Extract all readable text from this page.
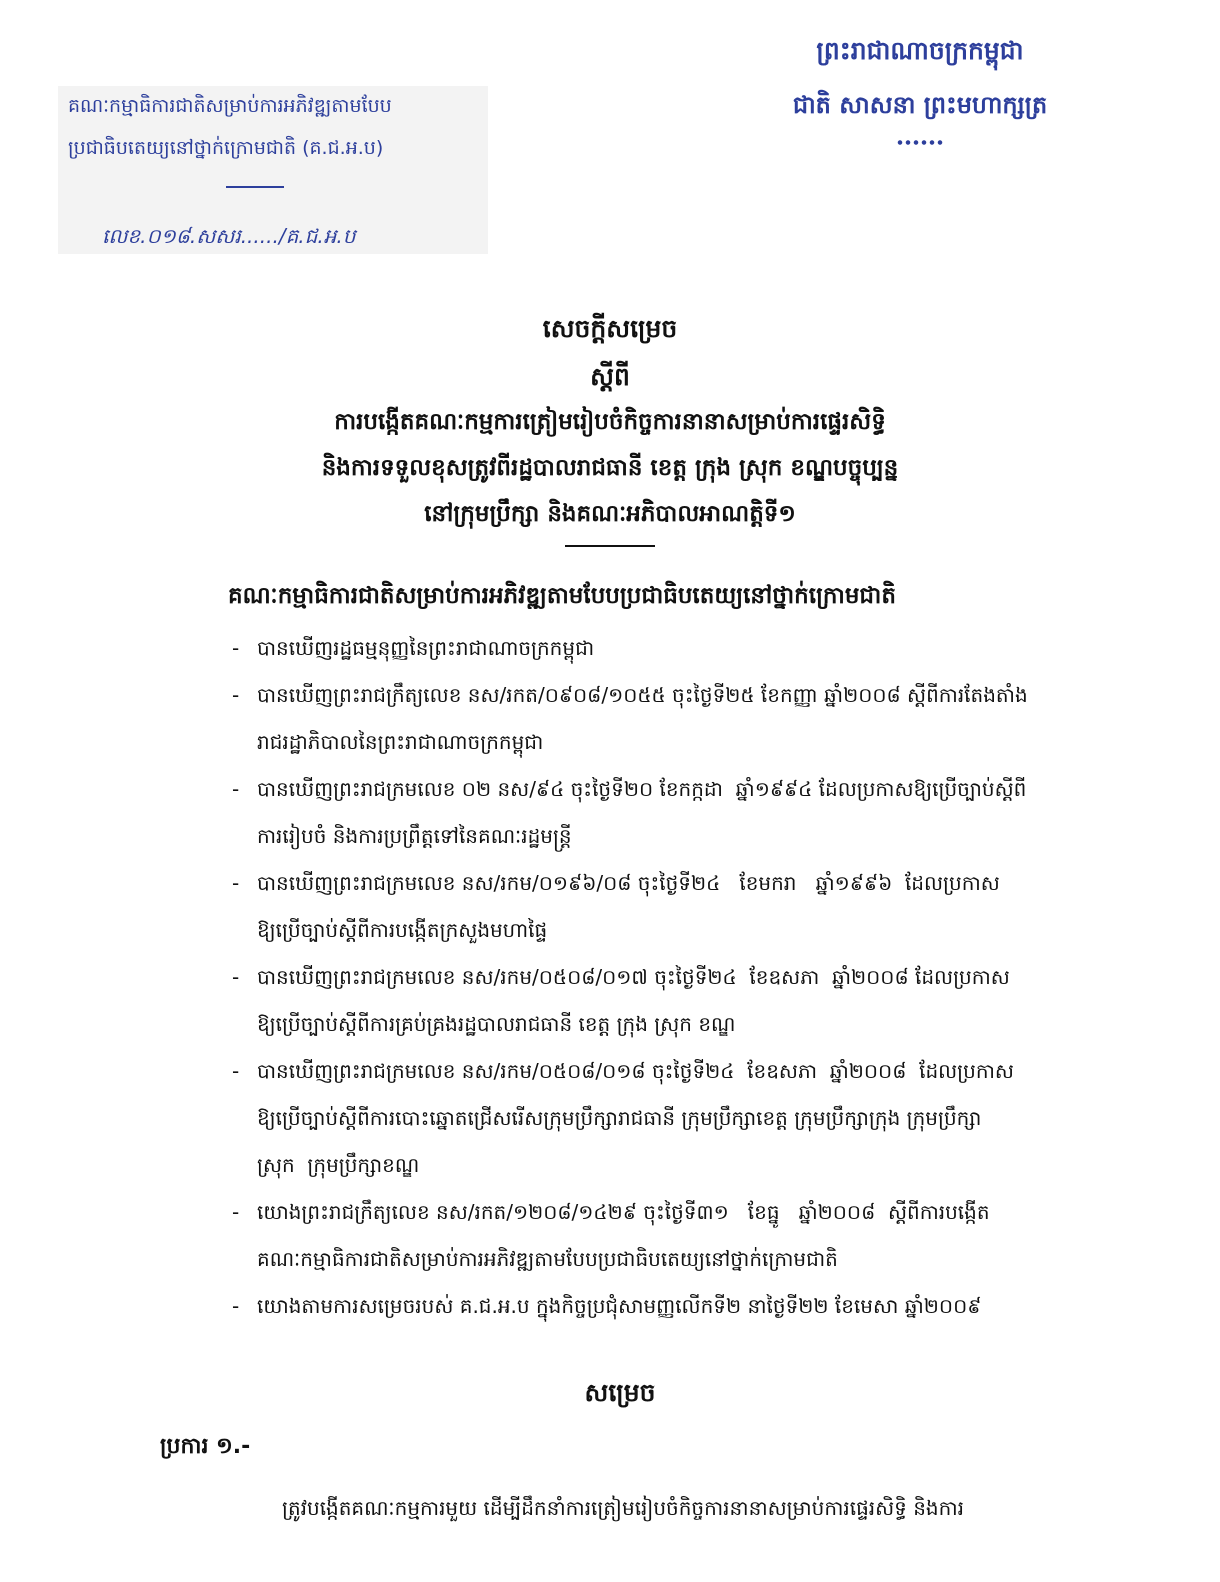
គណៈកម្មាធិការជាតិសម្រាប់ការអភិវឌ្ឍតាមបែប
ប្រជាធិបតេយ្យនៅថ្នាក់ក្រោមជាតិ (គ.ជ.អ.ប)
លេខ.០១៨.សសរ....../គ.ជ.អ.ប
ព្រះរាជាណាចក្រកម្ពុជា
ជាតិ សាសនា ព្រះមហាក្សត្រ
សេចក្ដីសម្រេច
ស្ដីពី
ការបង្កើតគណៈកម្មការត្រៀមរៀបចំកិច្ចការនានាសម្រាប់ការផ្ទេរសិទ្ធិ
និងការទទួលខុសត្រូវពីរដ្ឋបាលរាជធានី ខេត្ត ក្រុង ស្រុក ខណ្ឌបច្ចុប្បន្ន
នៅក្រុមប្រឹក្សា និងគណៈអភិបាលអាណត្តិទី១
គណៈកម្មាធិការជាតិសម្រាប់ការអភិវឌ្ឍតាមបែបប្រជាធិបតេយ្យនៅថ្នាក់ក្រោមជាតិ
- បានឃើញរដ្ឋធម្មនុញ្ញនៃព្រះរាជាណាចក្រកម្ពុជា
- បានឃើញព្រះរាជក្រឹត្យលេខ នស/រកត/០៩០៨/១០៥៥ ចុះថ្ងៃទី២៥ ខែកញ្ញា ឆ្នាំ២០០៨ ស្ដីពីការតែងតាំង
រាជរដ្ឋាភិបាលនៃព្រះរាជាណាចក្រកម្ពុជា
- បានឃើញព្រះរាជក្រមលេខ ០២ នស/៩៤ ចុះថ្ងៃទី២០ ខែកក្កដា  ឆ្នាំ១៩៩៤ ដែលប្រកាសឱ្យប្រើច្បាប់ស្ដីពី
ការរៀបចំ និងការប្រព្រឹត្តទៅនៃគណៈរដ្ឋមន្ត្រី
- បានឃើញព្រះរាជក្រមលេខ នស/រកម/០១៩៦/០៨ ចុះថ្ងៃទី២៤   ខែមករា   ឆ្នាំ១៩៩៦  ដែលប្រកាស
ឱ្យប្រើច្បាប់ស្ដីពីការបង្កើតក្រសួងមហាផ្ទៃ
- បានឃើញព្រះរាជក្រមលេខ នស/រកម/០៥០៨/០១៧ ចុះថ្ងៃទី២៤  ខែឧសភា  ឆ្នាំ២០០៨ ដែលប្រកាស
ឱ្យប្រើច្បាប់ស្ដីពីការគ្រប់គ្រងរដ្ឋបាលរាជធានី ខេត្ត ក្រុង ស្រុក ខណ្ឌ
- បានឃើញព្រះរាជក្រមលេខ នស/រកម/០៥០៨/០១៨ ចុះថ្ងៃទី២៤  ខែឧសភា  ឆ្នាំ២០០៨  ដែលប្រកាស
ឱ្យប្រើច្បាប់ស្ដីពីការបោះឆ្នោតជ្រើសរើសក្រុមប្រឹក្សារាជធានី ក្រុមប្រឹក្សាខេត្ត ក្រុមប្រឹក្សាក្រុង ក្រុមប្រឹក្សា
ស្រុក  ក្រុមប្រឹក្សាខណ្ឌ
- យោងព្រះរាជក្រឹត្យលេខ នស/រកត/១២០៨/១៤២៩ ចុះថ្ងៃទី៣១   ខែធ្នូ   ឆ្នាំ២០០៨  ស្ដីពីការបង្កើត
គណៈកម្មាធិការជាតិសម្រាប់ការអភិវឌ្ឍតាមបែបប្រជាធិបតេយ្យនៅថ្នាក់ក្រោមជាតិ
- យោងតាមការសម្រេចរបស់ គ.ជ.អ.ប ក្នុងកិច្ចប្រជុំសាមញ្ញលើកទី២ នាថ្ងៃទី២២ ខែមេសា ឆ្នាំ២០០៩
សម្រេច
ប្រការ ១.-
ត្រូវបង្កើតគណៈកម្មការមួយ ដើម្បីដឹកនាំការត្រៀមរៀបចំកិច្ចការនានាសម្រាប់ការផ្ទេរសិទ្ធិ និងការ
